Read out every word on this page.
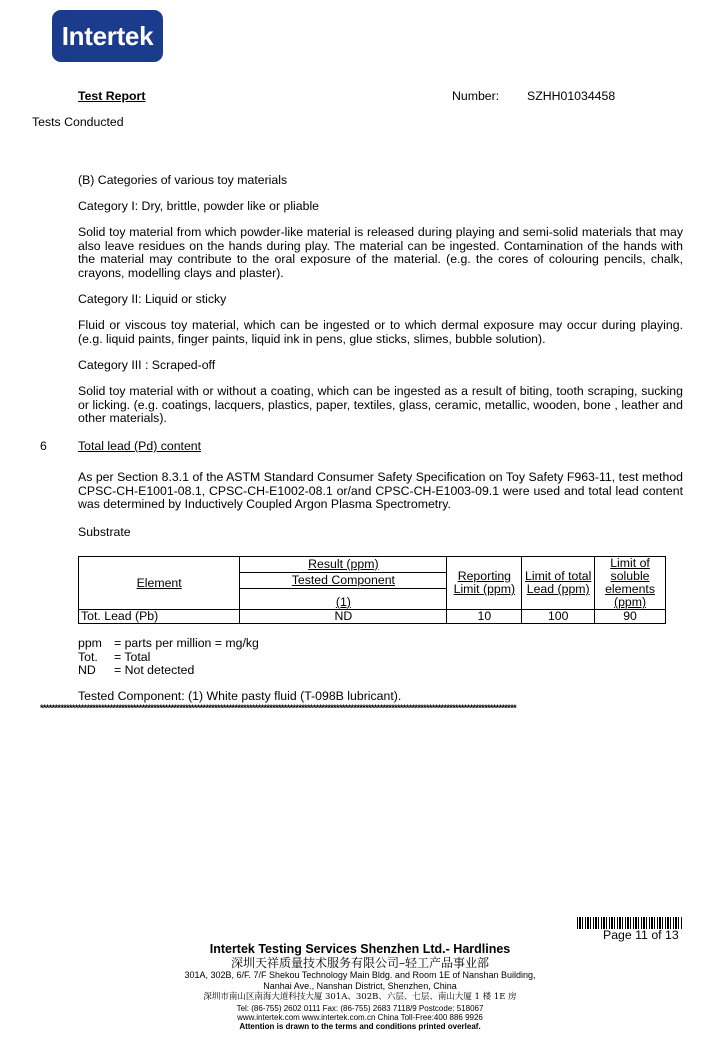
Intertek
Test Report	Number: SZHH01034458
Tests Conducted
(B) Categories of various toy materials
Category I: Dry, brittle, powder like or pliable
Solid toy material from which powder-like material is released during playing and semi-solid materials that may also leave residues on the hands during play. The material can be ingested. Contamination of the hands with the material may contribute to the oral exposure of the material. (e.g. the cores of colouring pencils, chalk, crayons, modelling clays and plaster).
Category II: Liquid or sticky
Fluid or viscous toy material, which can be ingested or to which dermal exposure may occur during playing. (e.g. liquid paints, finger paints, liquid ink in pens, glue sticks, slimes, bubble solution).
Category III : Scraped-off
Solid toy material with or without a coating, which can be ingested as a result of biting, tooth scraping, sucking or licking. (e.g. coatings, lacquers, plastics, paper, textiles, glass, ceramic, metallic, wooden, bone , leather and other materials).
6	Total lead (Pd) content
As per Section 8.3.1 of the ASTM Standard Consumer Safety Specification on Toy Safety F963-11, test method CPSC-CH-E1001-08.1, CPSC-CH-E1002-08.1 or/and CPSC-CH-E1003-09.1 were used and total lead content was determined by Inductively Coupled Argon Plasma Spectrometry.
Substrate
Element	Result (ppm)	Reporting Limit (ppm)	Limit of total Lead (ppm)	Limit of soluble elements (ppm)
	Tested Component			
	(1)			
Tot. Lead (Pb)	ND	10	100	90
ppm = parts per million = mg/kg
Tot. = Total
ND = Not detected
Tested Component: (1) White pasty fluid (T-098B lubricant).
********************************************************************************************************************************************************************
Page 11 of 13
Intertek Testing Services Shenzhen Ltd.- Hardlines
深圳天祥质量技术服务有限公司–轻工产品事业部
301A, 302B, 6/F. 7/F Shekou Technology Main Bldg. and Room 1E of Nanshan Building,
Nanhai Ave., Nanshan District, Shenzhen, China
深圳市南山区南海大道科技大厦 301A、302B、六层、七层、南山大厦 1 楼 1E 房
Tel: (86-755) 2602 0111 Fax: (86-755) 2683 7118/9 Postcode: 518067
www.intertek.com www.intertek.com.cn China Toll-Free:400 886 9926
Attention is drawn to the terms and conditions printed overleaf.
